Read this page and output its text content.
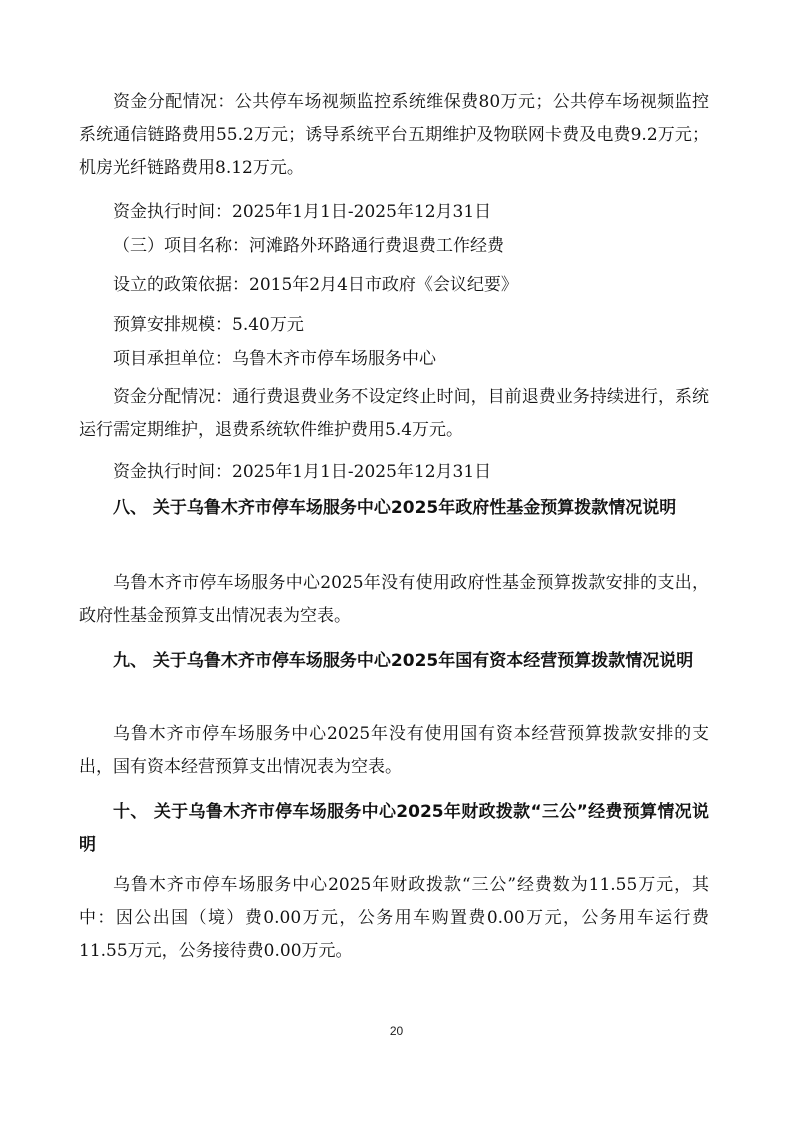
资金分配情况：公共停车场视频监控系统维保费80万元；公共停车场视频监控系统通信链路费用55.2万元；诱导系统平台五期维护及物联网卡费及电费9.2万元；机房光纤链路费用8.12万元。

资金执行时间：2025年1月1日-2025年12月31日

（三）项目名称：河滩路外环路通行费退费工作经费

设立的政策依据：2015年2月4日市政府《会议纪要》

预算安排规模：5.40万元

项目承担单位：乌鲁木齐市停车场服务中心

资金分配情况：通行费退费业务不设定终止时间，目前退费业务持续进行，系统运行需定期维护，退费系统软件维护费用5.4万元。

资金执行时间：2025年1月1日-2025年12月31日

八、 关于乌鲁木齐市停车场服务中心2025年政府性基金预算拨款情况说明

乌鲁木齐市停车场服务中心2025年没有使用政府性基金预算拨款安排的支出，政府性基金预算支出情况表为空表。

九、 关于乌鲁木齐市停车场服务中心2025年国有资本经营预算拨款情况说明

乌鲁木齐市停车场服务中心2025年没有使用国有资本经营预算拨款安排的支出，国有资本经营预算支出情况表为空表。

十、 关于乌鲁木齐市停车场服务中心2025年财政拨款“三公”经费预算情况说明

乌鲁木齐市停车场服务中心2025年财政拨款“三公”经费数为11.55万元，其中：因公出国（境）费0.00万元，公务用车购置费0.00万元，公务用车运行费11.55万元，公务接待费0.00万元。

20
